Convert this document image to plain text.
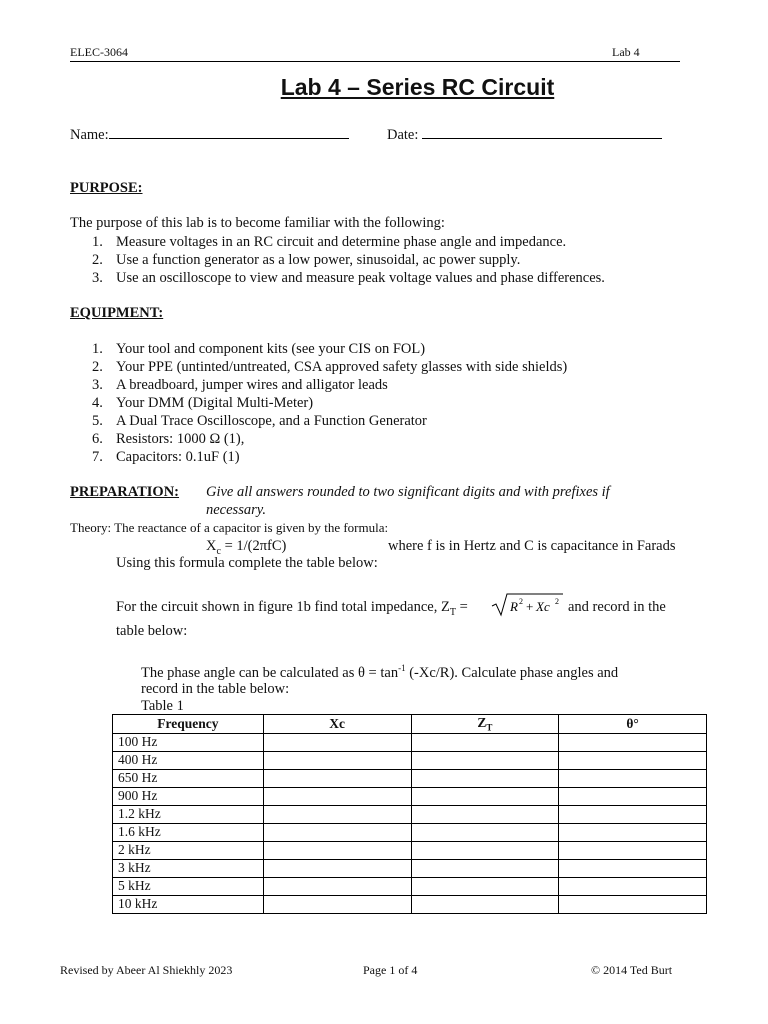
ELEC-3064	Lab 4
Lab 4 – Series RC Circuit
Name:	Date:
PURPOSE:
The purpose of this lab is to become familiar with the following:
1. Measure voltages in an RC circuit and determine phase angle and impedance.
2. Use a function generator as a low power, sinusoidal, ac power supply.
3. Use an oscilloscope to view and measure peak voltage values and phase differences.
EQUIPMENT:
1. Your tool and component kits (see your CIS on FOL)
2. Your PPE (untinted/untreated, CSA approved safety glasses with side shields)
3. A breadboard, jumper wires and alligator leads
4. Your DMM (Digital Multi-Meter)
5. A Dual Trace Oscilloscope, and a Function Generator
6. Resistors: 1000 Ω (1),
7. Capacitors: 0.1uF (1)
PREPARATION: Give all answers rounded to two significant digits and with prefixes if
necessary.
Theory: The reactance of a capacitor is given by the formula:
$X_c = 1/(2\pi fC)$	where f is in Hertz and C is capacitance in Farads
Using this formula complete the table below:
For the circuit shown in figure 1b find total impedance, $Z_T$ =	R 2 + Xc 2 and record in the
table below:
The phase angle can be calculated as $\theta = \tan^{-1} (-Xc/R)$. Calculate phase angles and
record in the table below:
Table 1
Frequency	Xc	$Z_T$	θ°
100 Hz			
400 Hz			
650 Hz			
900 Hz			
1.2 kHz			
1.6 kHz			
2 kHz			
3 kHz			
5 kHz			
10 kHz			
Revised by Abeer Al Shiekhly 2023	Page 1 of 4	© 2014 Ted Burt
